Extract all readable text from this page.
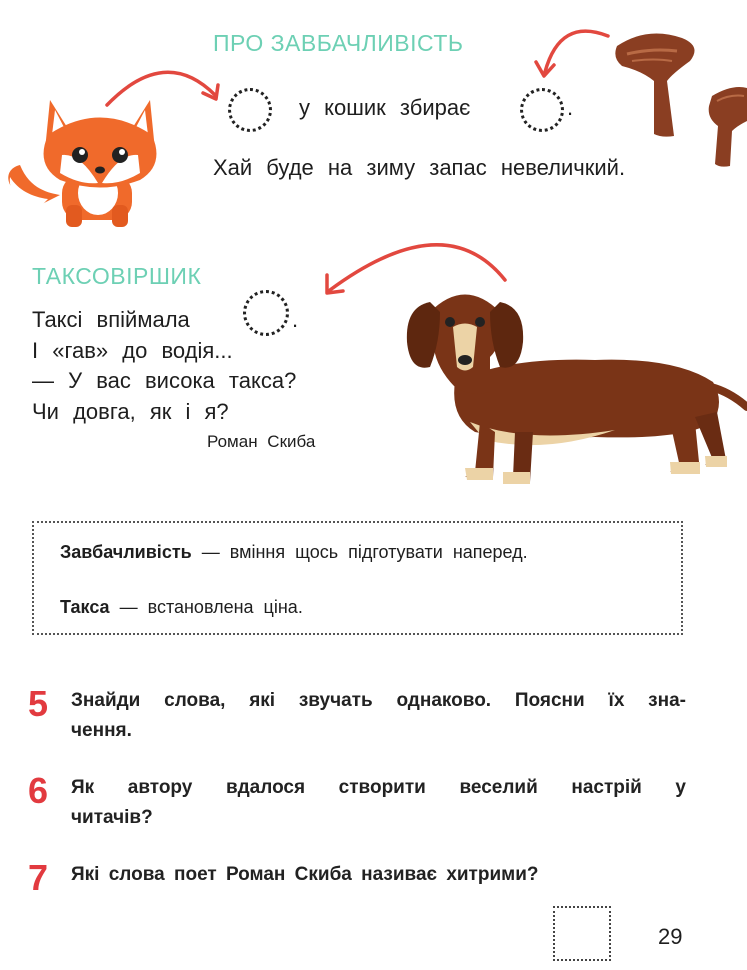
ПРО ЗАВБАЧЛИВІСТЬ
у кошик збирає	.
Хай буде на зиму запас невеличкий.
ТАКСОВІРШИК
Таксі впіймала	.
І «гав» до водія...
— У вас висока такса?
Чи довга, як і я?
Роман Скиба
Завбачливість — вміння щось підготувати наперед.
Такса — встановлена ціна.
5 Знайди слова, які звучать однаково. Поясни їх зна-
чення.
6 Як автору вдалося створити веселий настрій у
читачів?
7 Які слова поет Роман Скиба називає хитрими?
29
